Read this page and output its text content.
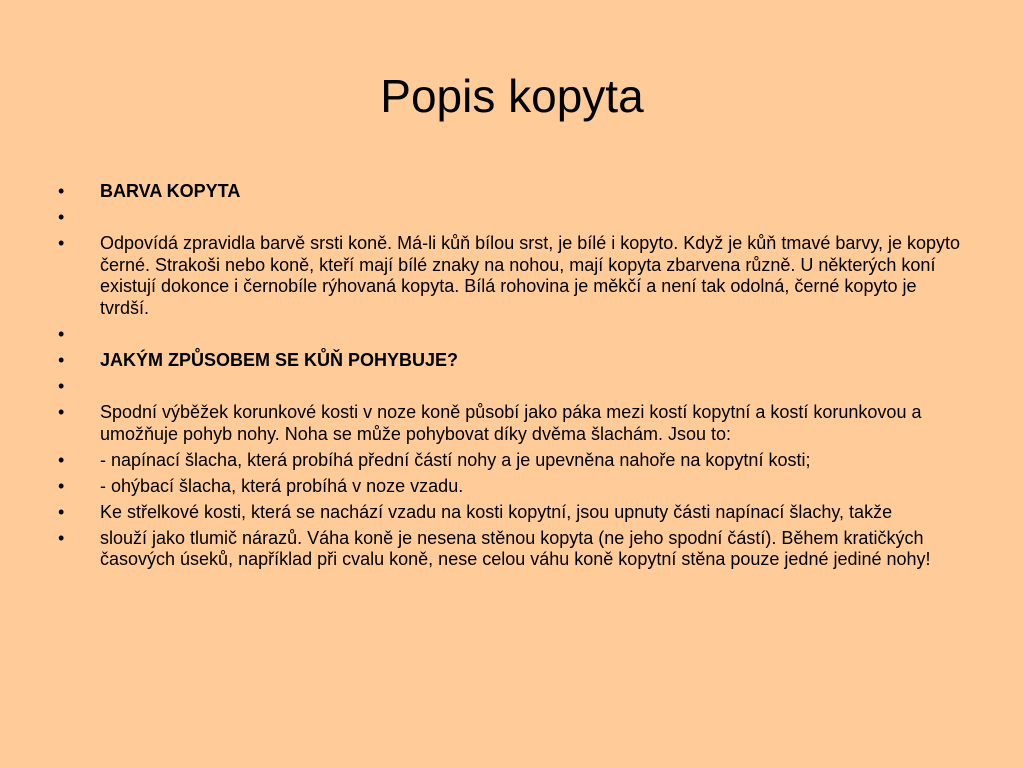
Popis kopyta
•	BARVA KOPYTA
•
•	Odpovídá zpravidla barvě srsti koně. Má-li kůň bílou srst, je bílé i kopyto. Když je kůň tmavé barvy, je kopyto černé. Strakoši nebo koně, kteří mají bílé znaky na nohou, mají kopyta zbarvena různě. U některých koní existují dokonce i černobíle rýhovaná kopyta. Bílá rohovina je měkčí a není tak odolná, černé kopyto je tvrdší.
•
•	JAKÝM ZPŮSOBEM SE KŮŇ POHYBUJE?
•
•	Spodní výběžek korunkové kosti v noze koně působí jako páka mezi kostí kopytní a kostí korunkovou a umožňuje pohyb nohy. Noha se může pohybovat díky dvěma šlachám. Jsou to:
•	- napínací šlacha, která probíhá přední částí nohy a je upevněna nahoře na kopytní kosti;
•	- ohýbací šlacha, která probíhá v noze vzadu.
•	Ke střelkové kosti, která se nachází vzadu na kosti kopytní, jsou upnuty části napínací šlachy, takže
•	slouží jako tlumič nárazů. Váha koně je nesena stěnou kopyta (ne jeho spodní částí). Během kratičkých časových úseků, například při cvalu koně, nese celou váhu koně kopytní stěna pouze jedné jediné nohy!
